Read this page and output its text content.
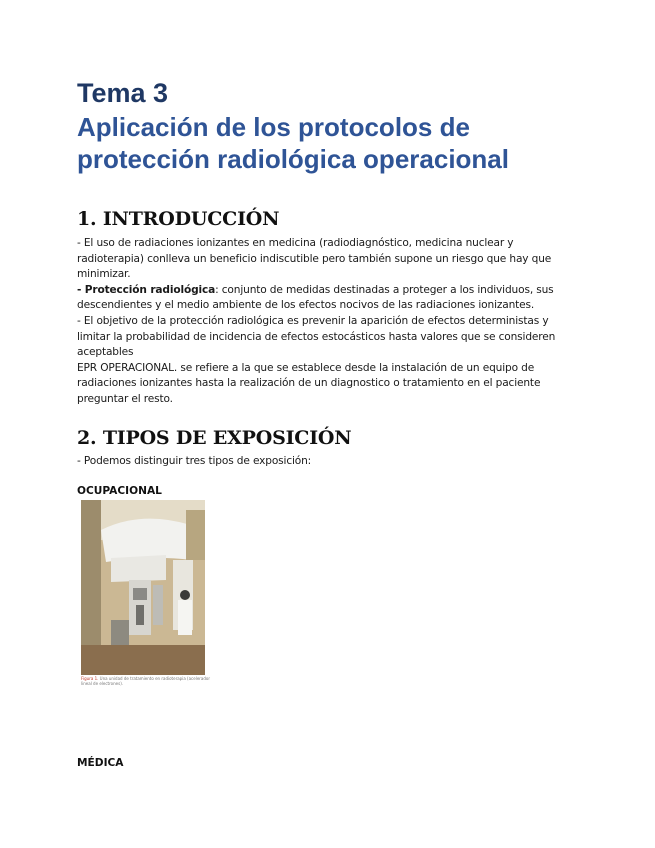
Tema 3
Aplicación de los protocolos de
protección radiológica operacional
1. INTRODUCCIÓN

- El uso de radiaciones ionizantes en medicina (radiodiagnóstico, medicina nuclear y radioterapia) conlleva un beneficio indiscutible pero también supone un riesgo que hay que minimizar.

- Protección radiológica: conjunto de medidas destinadas a proteger a los individuos, sus descendientes y el medio ambiente de los efectos nocivos de las radiaciones ionizantes.

- El objetivo de la protección radiológica es prevenir la aparición de efectos deterministas y limitar la probabilidad de incidencia de efectos estocásticos hasta valores que se consideren aceptables

EPR OPERACIONAL. se refiere a la que se establece desde la instalación de un equipo de radiaciones ionizantes hasta la realización de un diagnostico o tratamiento en el paciente preguntar el resto.

2. TIPOS DE EXPOSICIÓN
- Podemos distinguir tres tipos de exposición:
OCUPACIONAL
Figura 1. Una unidad de tratamiento en radioterapia (acelerador lineal de electrones).
MÉDICA
